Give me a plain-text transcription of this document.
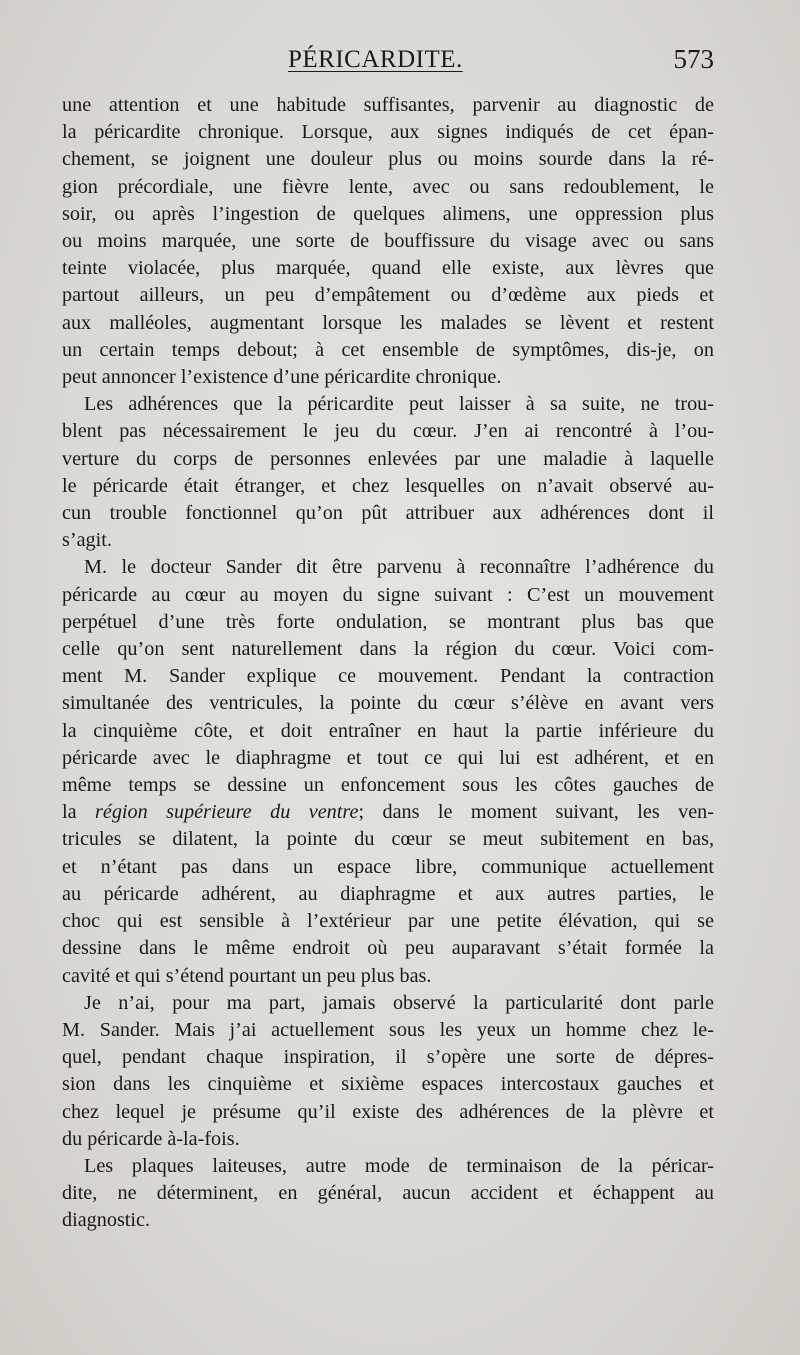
PÉRICARDITE.	573
une attention et une habitude suffisantes, parvenir au diagnostic de
la péricardite chronique. Lorsque, aux signes indiqués de cet épan-
chement, se joignent une douleur plus ou moins sourde dans la ré-
gion précordiale, une fièvre lente, avec ou sans redoublement, le
soir, ou après l’ingestion de quelques alimens, une oppression plus
ou moins marquée, une sorte de bouffissure du visage avec ou sans
teinte violacée, plus marquée, quand elle existe, aux lèvres que
partout ailleurs, un peu d’empâtement ou d’œdème aux pieds et
aux malléoles, augmentant lorsque les malades se lèvent et restent
un certain temps debout; à cet ensemble de symptômes, dis-je, on
peut annoncer l’existence d’une péricardite chronique.
Les adhérences que la péricardite peut laisser à sa suite, ne trou-
blent pas nécessairement le jeu du cœur. J’en ai rencontré à l’ou-
verture du corps de personnes enlevées par une maladie à laquelle
le péricarde était étranger, et chez lesquelles on n’avait observé au-
cun trouble fonctionnel qu’on pût attribuer aux adhérences dont il
s’agit.
M. le docteur Sander dit être parvenu à reconnaître l’adhérence du
péricarde au cœur au moyen du signe suivant : C’est un mouvement
perpétuel d’une très forte ondulation, se montrant plus bas que
celle qu’on sent naturellement dans la région du cœur. Voici com-
ment M. Sander explique ce mouvement. Pendant la contraction
simultanée des ventricules, la pointe du cœur s’élève en avant vers
la cinquième côte, et doit entraîner en haut la partie inférieure du
péricarde avec le diaphragme et tout ce qui lui est adhérent, et en
même temps se dessine un enfoncement sous les côtes gauches de
la région supérieure du ventre; dans le moment suivant, les ven-
tricules se dilatent, la pointe du cœur se meut subitement en bas,
et n’étant pas dans un espace libre, communique actuellement
au péricarde adhérent, au diaphragme et aux autres parties, le
choc qui est sensible à l’extérieur par une petite élévation, qui se
dessine dans le même endroit où peu auparavant s’était formée la
cavité et qui s’étend pourtant un peu plus bas.
Je n’ai, pour ma part, jamais observé la particularité dont parle
M. Sander. Mais j’ai actuellement sous les yeux un homme chez le-
quel, pendant chaque inspiration, il s’opère une sorte de dépres-
sion dans les cinquième et sixième espaces intercostaux gauches et
chez lequel je présume qu’il existe des adhérences de la plèvre et
du péricarde à-la-fois.
Les plaques laiteuses, autre mode de terminaison de la péricar-
dite, ne déterminent, en général, aucun accident et échappent au
diagnostic.
